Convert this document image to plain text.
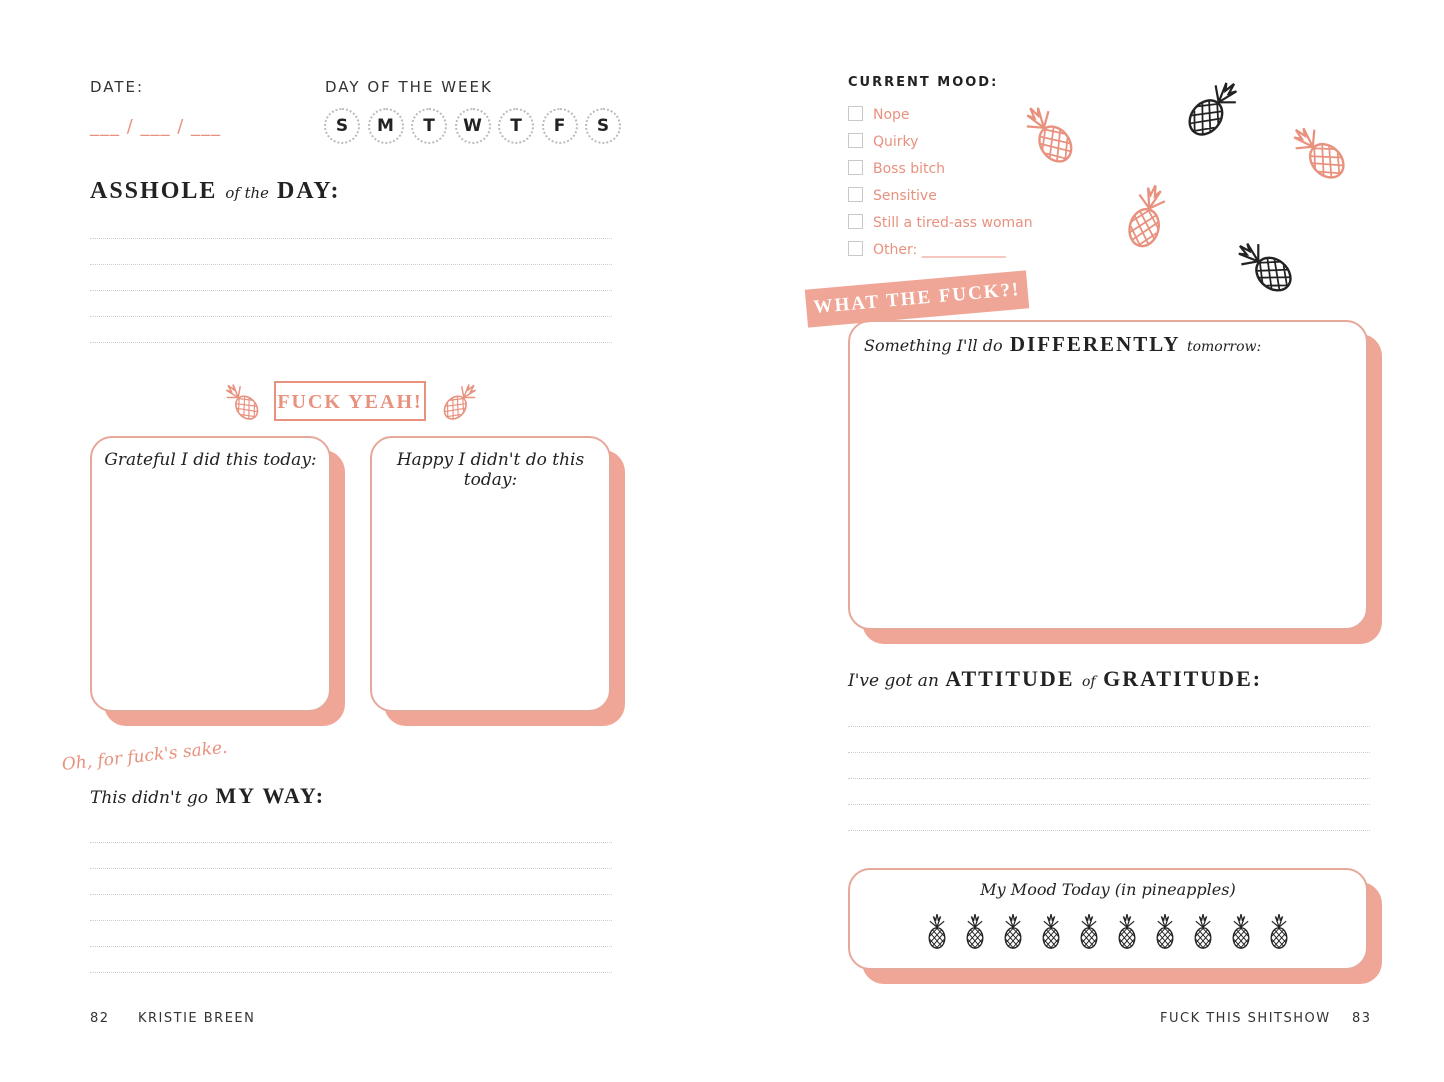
DATE:
___ / ___ / ___
DAY OF THE WEEK
S	M	T	W	T	F	S
ASSHOLE of the DAY:
FUCK YEAH!
Grateful I did this today:	Happy I didn't do this today:
Oh, for fuck's sake.
This didn't go MY WAY:
82 KRISTIE BREEN
CURRENT MOOD:
Nope
Quirky
Boss bitch
Sensitive
Still a tired-ass woman
Other: ____________
Something I'll do DIFFERENTLY tomorrow:
WHAT THE FUCK?!
I've got an ATTITUDE of GRATITUDE:
My Mood Today (in pineapples)
FUCK THIS SHITSHOW 83
